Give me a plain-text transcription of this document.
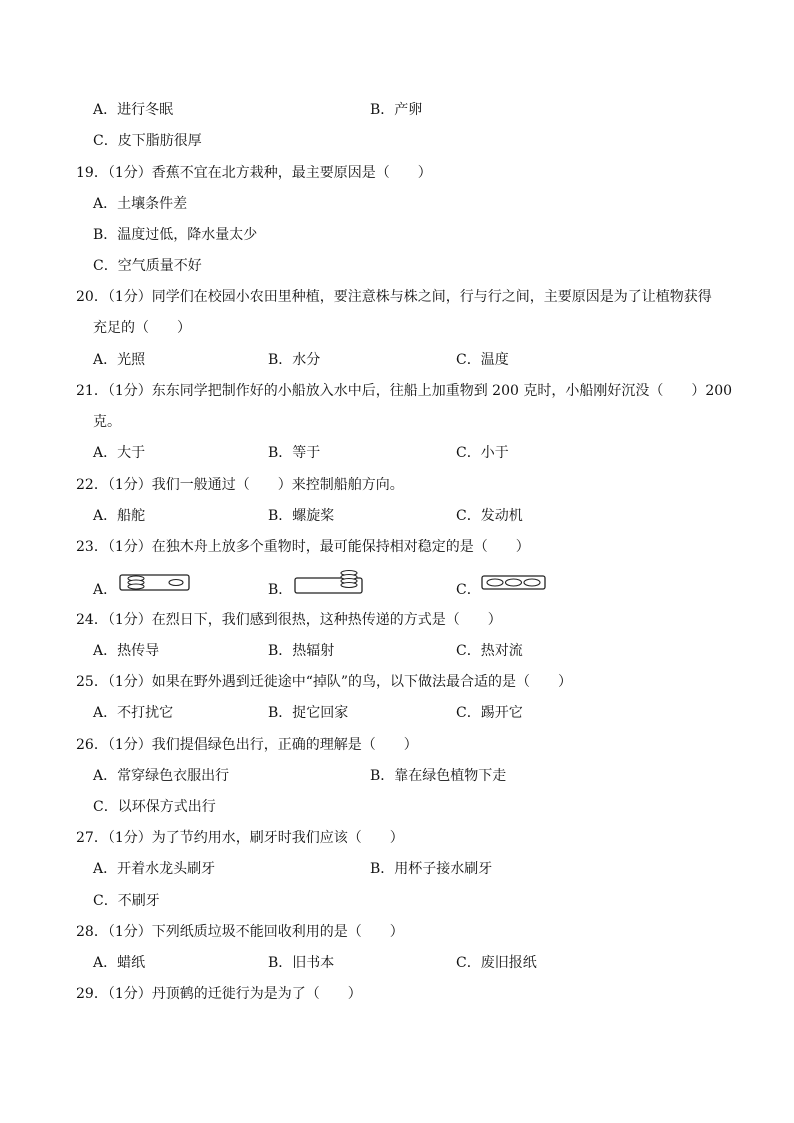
A．进行冬眠	B．产卵
C．皮下脂肪很厚
19．（1分）香蕉不宜在北方栽种，最主要原因是（　　）
A．土壤条件差
B．温度过低，降水量太少
C．空气质量不好
20．（1分）同学们在校园小农田里种植，要注意株与株之间，行与行之间，主要原因是为了让植物获得
充足的（　　）
A．光照	B．水分	C．温度
21．（1分）东东同学把制作好的小船放入水中后，往船上加重物到 200 克时，小船刚好沉没（　　）200
克。
A．大于	B．等于	C．小于
22．（1分）我们一般通过（　　）来控制船舶方向。
A．船舵	B．螺旋桨	C．发动机
23．（1分）在独木舟上放多个重物时，最可能保持相对稳定的是（　　）
A．	B．	C．
24．（1分）在烈日下，我们感到很热，这种热传递的方式是（　　）
A．热传导	B．热辐射	C．热对流
25．（1分）如果在野外遇到迁徙途中“掉队”的鸟，以下做法最合适的是（　　）
A．不打扰它	B．捉它回家	C．踢开它
26．（1分）我们提倡绿色出行，正确的理解是（　　）
A．常穿绿色衣服出行	B．靠在绿色植物下走
C．以环保方式出行
27．（1分）为了节约用水，刷牙时我们应该（　　）
A．开着水龙头刷牙	B．用杯子接水刷牙
C．不刷牙
28．（1分）下列纸质垃圾不能回收利用的是（　　）
A．蜡纸	B．旧书本	C．废旧报纸
29．（1分）丹顶鹤的迁徙行为是为了（　　）
